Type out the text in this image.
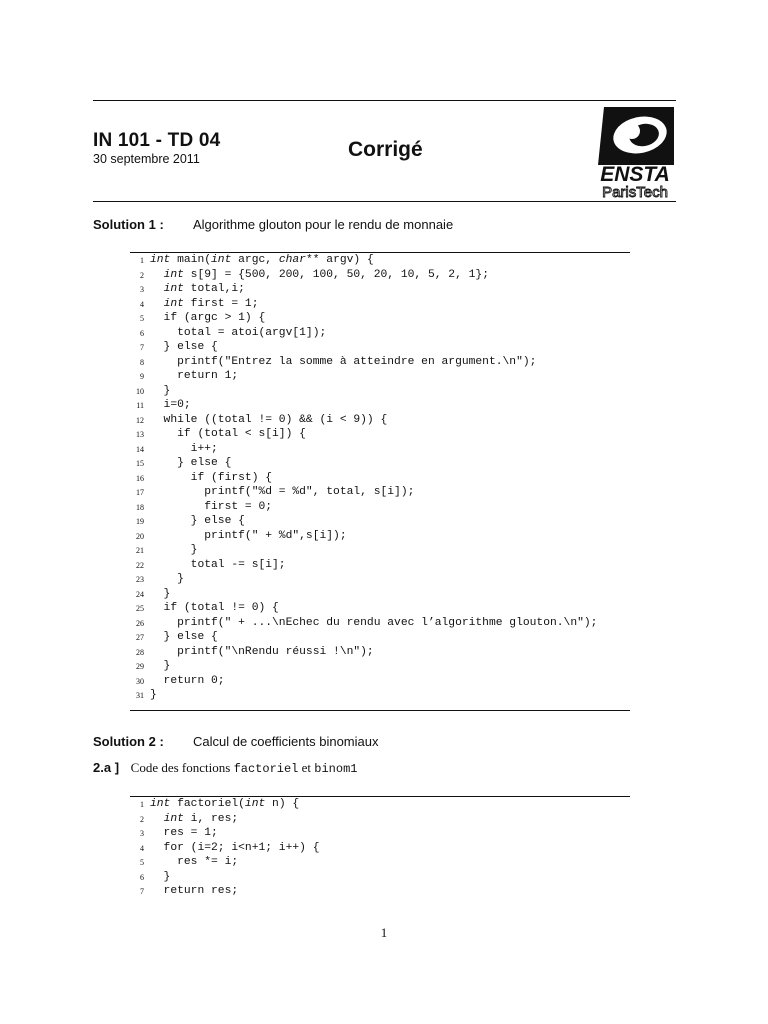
IN 101 - TD 04
30 septembre 2011	Corrigé
ENSTA
ParisTech
Solution 1 : Algorithme glouton pour le rendu de monnaie
1 int main(int argc, char** argv) {
2	int s[9] = {500, 200, 100, 50, 20, 10, 5, 2, 1};
3	int total,i;
4	int first = 1;
5 if (argc > 1) {
6 total = atoi(argv[1]);
7 } else {
8 printf("Entrez la somme à atteindre en argument.\n");
9 return 1;
10 }
11 i=0;
12 while ((total != 0) && (i < 9)) {
13 if (total < s[i]) {
14 i++;
15 } else {
16 if (first) {
17 printf("%d = %d", total, s[i]);
18 first = 0;
19 } else {
20 printf(" + %d",s[i]);
21 }
22 total -= s[i];
23 }
24 }
25 if (total != 0) {
26 printf(" + ...\nEchec du rendu avec l’algorithme glouton.\n");
27 } else {
28 printf("\nRendu réussi !\n");
29 }
30 return 0;
31 }
Solution 2 : Calcul de coefficients binomiaux
2.a ] Code des fonctions factoriel et binom1
1 int factoriel(int n) {
2	int i, res;
3 res = 1;
4 for (i=2; i<n+1; i++) {
5 res *= i;
6 }
7 return res;
1
